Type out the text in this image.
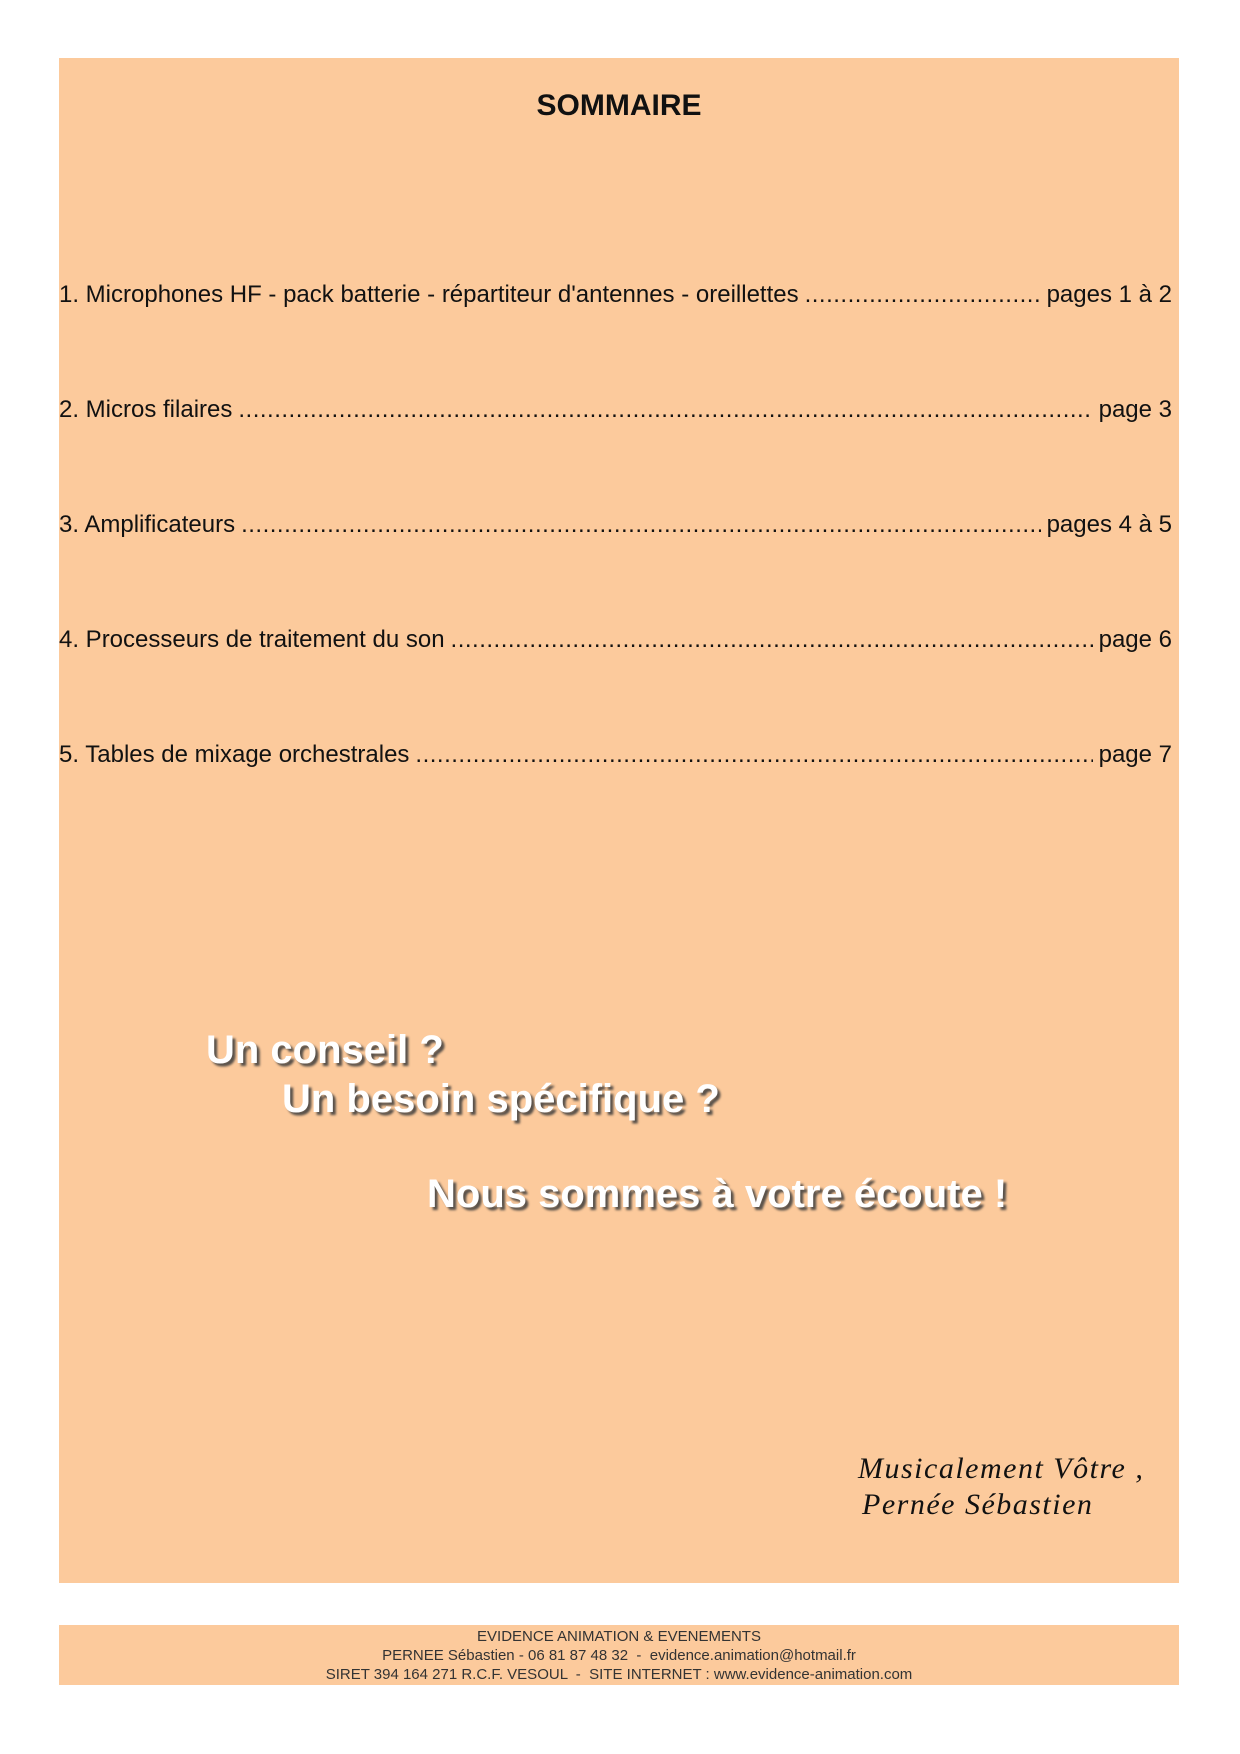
SOMMAIRE
1. Microphones HF - pack batterie - répartiteur d'antennes - oreillettes .....	pages 1 à 2
2. Micros filaires .....	page 3
3. Amplificateurs .....	pages 4 à 5
4. Processeurs de traitement du son .....	page 6
5. Tables de mixage orchestrales .....	page 7
Un conseil ?
Un besoin spécifique ?
Nous sommes à votre écoute !
Musicalement Vôtre ,
Pernée Sébastien
EVIDENCE ANIMATION & EVENEMENTS
PERNEE Sébastien - 06 81 87 48 32  -  evidence.animation@hotmail.fr
SIRET 394 164 271 R.C.F. VESOUL  -  SITE INTERNET : www.evidence-animation.com
